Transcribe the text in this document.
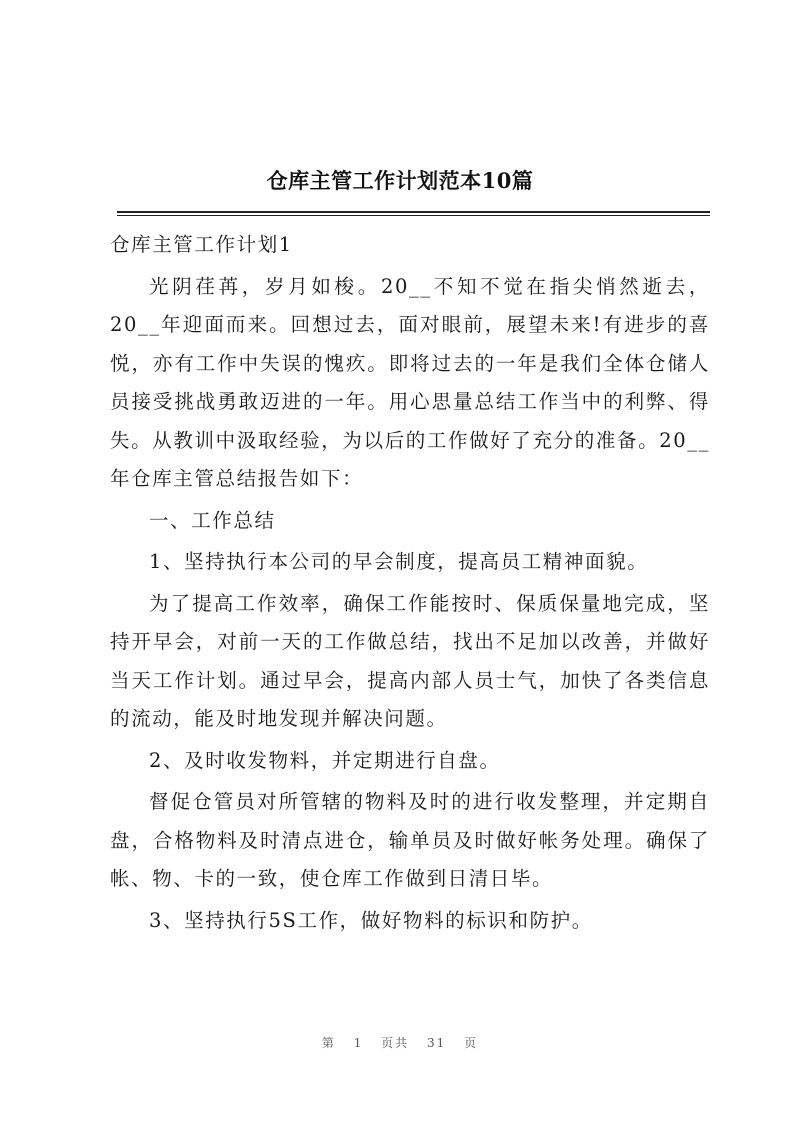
仓库主管工作计划范本10篇

仓库主管工作计划1

光阴荏苒，岁月如梭。20__不知不觉在指尖悄然逝去，20__年迎面而来。回想过去，面对眼前，展望未来!有进步的喜悦，亦有工作中失误的愧疚。即将过去的一年是我们全体仓储人员接受挑战勇敢迈进的一年。用心思量总结工作当中的利弊、得失。从教训中汲取经验，为以后的工作做好了充分的准备。20__年仓库主管总结报告如下：

一、工作总结

1、坚持执行本公司的早会制度，提高员工精神面貌。

为了提高工作效率，确保工作能按时、保质保量地完成，坚持开早会，对前一天的工作做总结，找出不足加以改善，并做好当天工作计划。通过早会，提高内部人员士气，加快了各类信息的流动，能及时地发现并解决问题。

2、及时收发物料，并定期进行自盘。

督促仓管员对所管辖的物料及时的进行收发整理，并定期自盘，合格物料及时清点进仓，输单员及时做好帐务处理。确保了帐、物、卡的一致，使仓库工作做到日清日毕。

3、坚持执行5S工作，做好物料的标识和防护。

第 1 页共 31 页
